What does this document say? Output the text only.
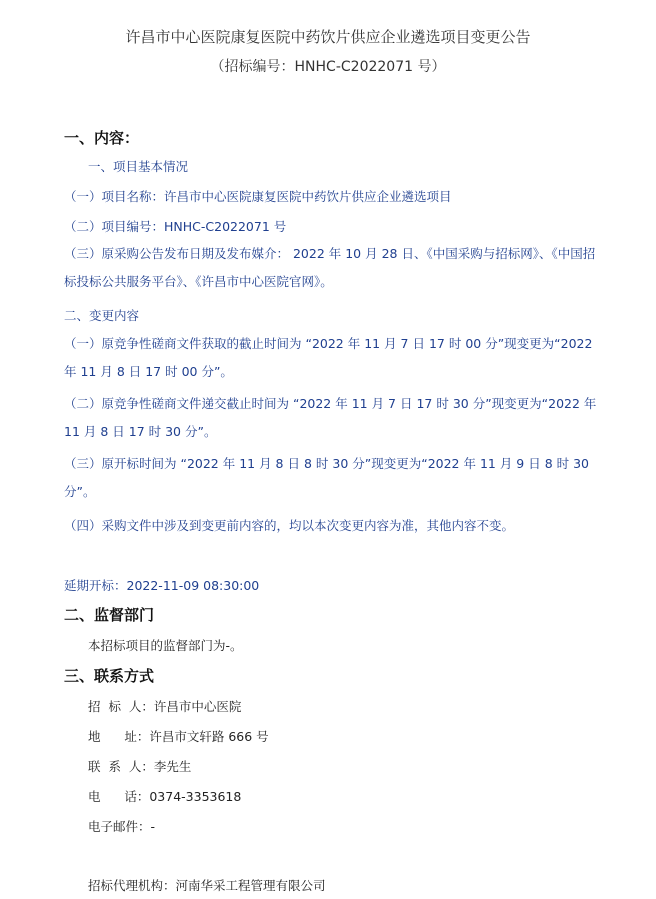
许昌市中心医院康复医院中药饮片供应企业遴选项目变更公告
（招标编号：HNHC-C2022071 号）
一、内容：
一、项目基本情况
（一）项目名称：许昌市中心医院康复医院中药饮片供应企业遴选项目
（二）项目编号：HNHC-C2022071 号
（三）原采购公告发布日期及发布媒介： 2022 年 10 月 28 日、《中国采购与招标网》、《中国招标投标公共服务平台》、《许昌市中心医院官网》。
二、变更内容
（一）原竞争性磋商文件获取的截止时间为 “2022 年 11 月 7 日 17 时 00 分”现变更为“2022 年 11 月 8 日 17 时 00 分”。
（二）原竞争性磋商文件递交截止时间为 “2022 年 11 月 7 日 17 时 30 分”现变更为“2022 年 11 月 8 日 17 时 30 分”。
（三）原开标时间为 “2022 年 11 月 8 日 8 时 30 分”现变更为“2022 年 11 月 9 日 8 时 30 分”。
（四）采购文件中涉及到变更前内容的，均以本次变更内容为准，其他内容不变。
延期开标：2022-11-09 08:30:00
二、监督部门
本招标项目的监督部门为-。
三、联系方式
招  标  人：许昌市中心医院
地      址：许昌市文轩路 666 号
联  系  人：李先生
电      话：0374-3353618
电子邮件：-
招标代理机构：河南华采工程管理有限公司
